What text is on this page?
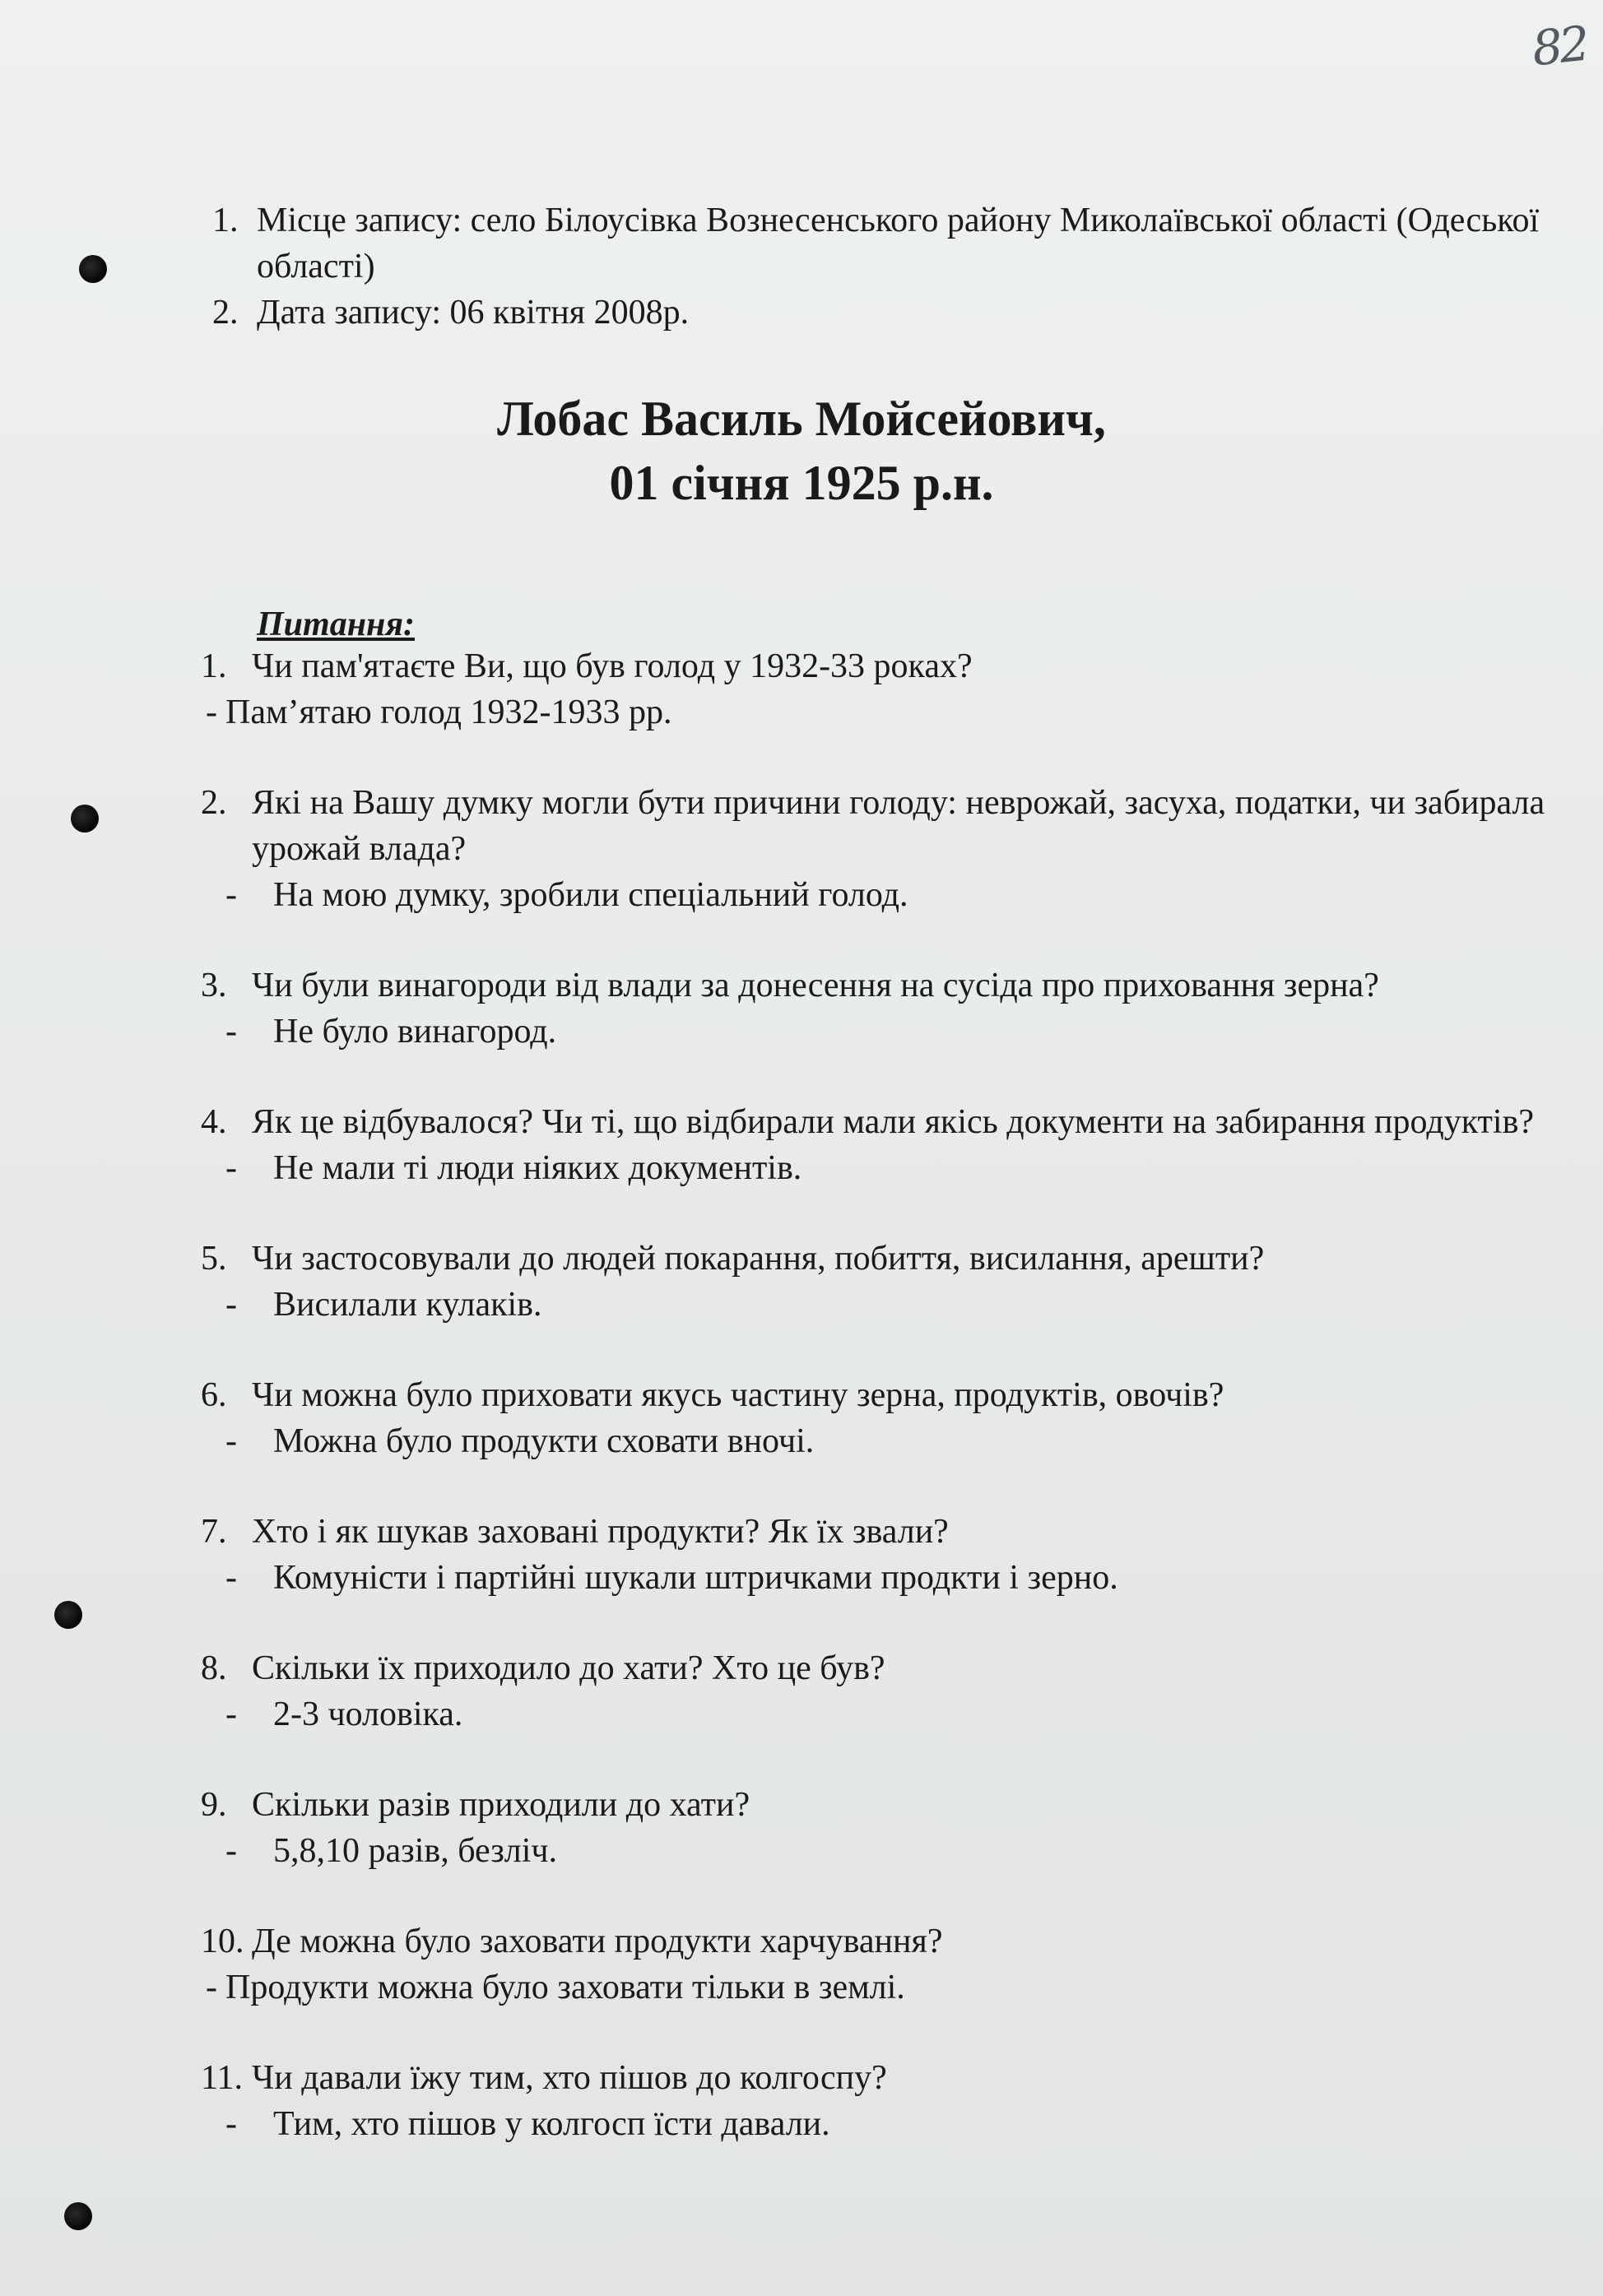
82
1. Місце запису: село Білоусівка Вознесенського району Миколаївської області (Одеської області)
2. Дата запису: 06 квітня 2008р.
Лобас Василь Мойсейович,
01 січня 1925 р.н.
Питання:
1. Чи пам'ятаєте Ви, що був голод у 1932-33 роках?
- Пам’ятаю голод 1932-1933 рр.
2. Які на Вашу думку могли бути причини голоду: неврожай, засуха, податки, чи забирала урожай влада?
-	На мою думку, зробили спеціальний голод.
3. Чи були винагороди від влади за донесення на сусіда про приховання зерна?
-	Не було винагород.
4. Як це відбувалося? Чи ті, що відбирали мали якісь документи на забирання продуктів?
-	Не мали ті люди ніяких документів.
5. Чи застосовували до людей покарання, побиття, висилання, арешти?
-	Висилали кулаків.
6. Чи можна було приховати якусь частину зерна, продуктів, овочів?
-	Можна було продукти сховати вночі.
7. Хто і як шукав заховані продукти? Як їх звали?
-	Комуністи і партійні шукали штричками продкти і зерно.
8. Скільки їх приходило до хати? Хто це був?
-	2-3 чоловіка.
9. Скільки разів приходили до хати?
-	5,8,10 разів, безліч.
10. Де можна було заховати продукти харчування?
- Продукти можна було заховати тільки в землі.
11. Чи давали їжу тим, хто пішов до колгоспу?
-	Тим, хто пішов у колгосп їсти давали.
